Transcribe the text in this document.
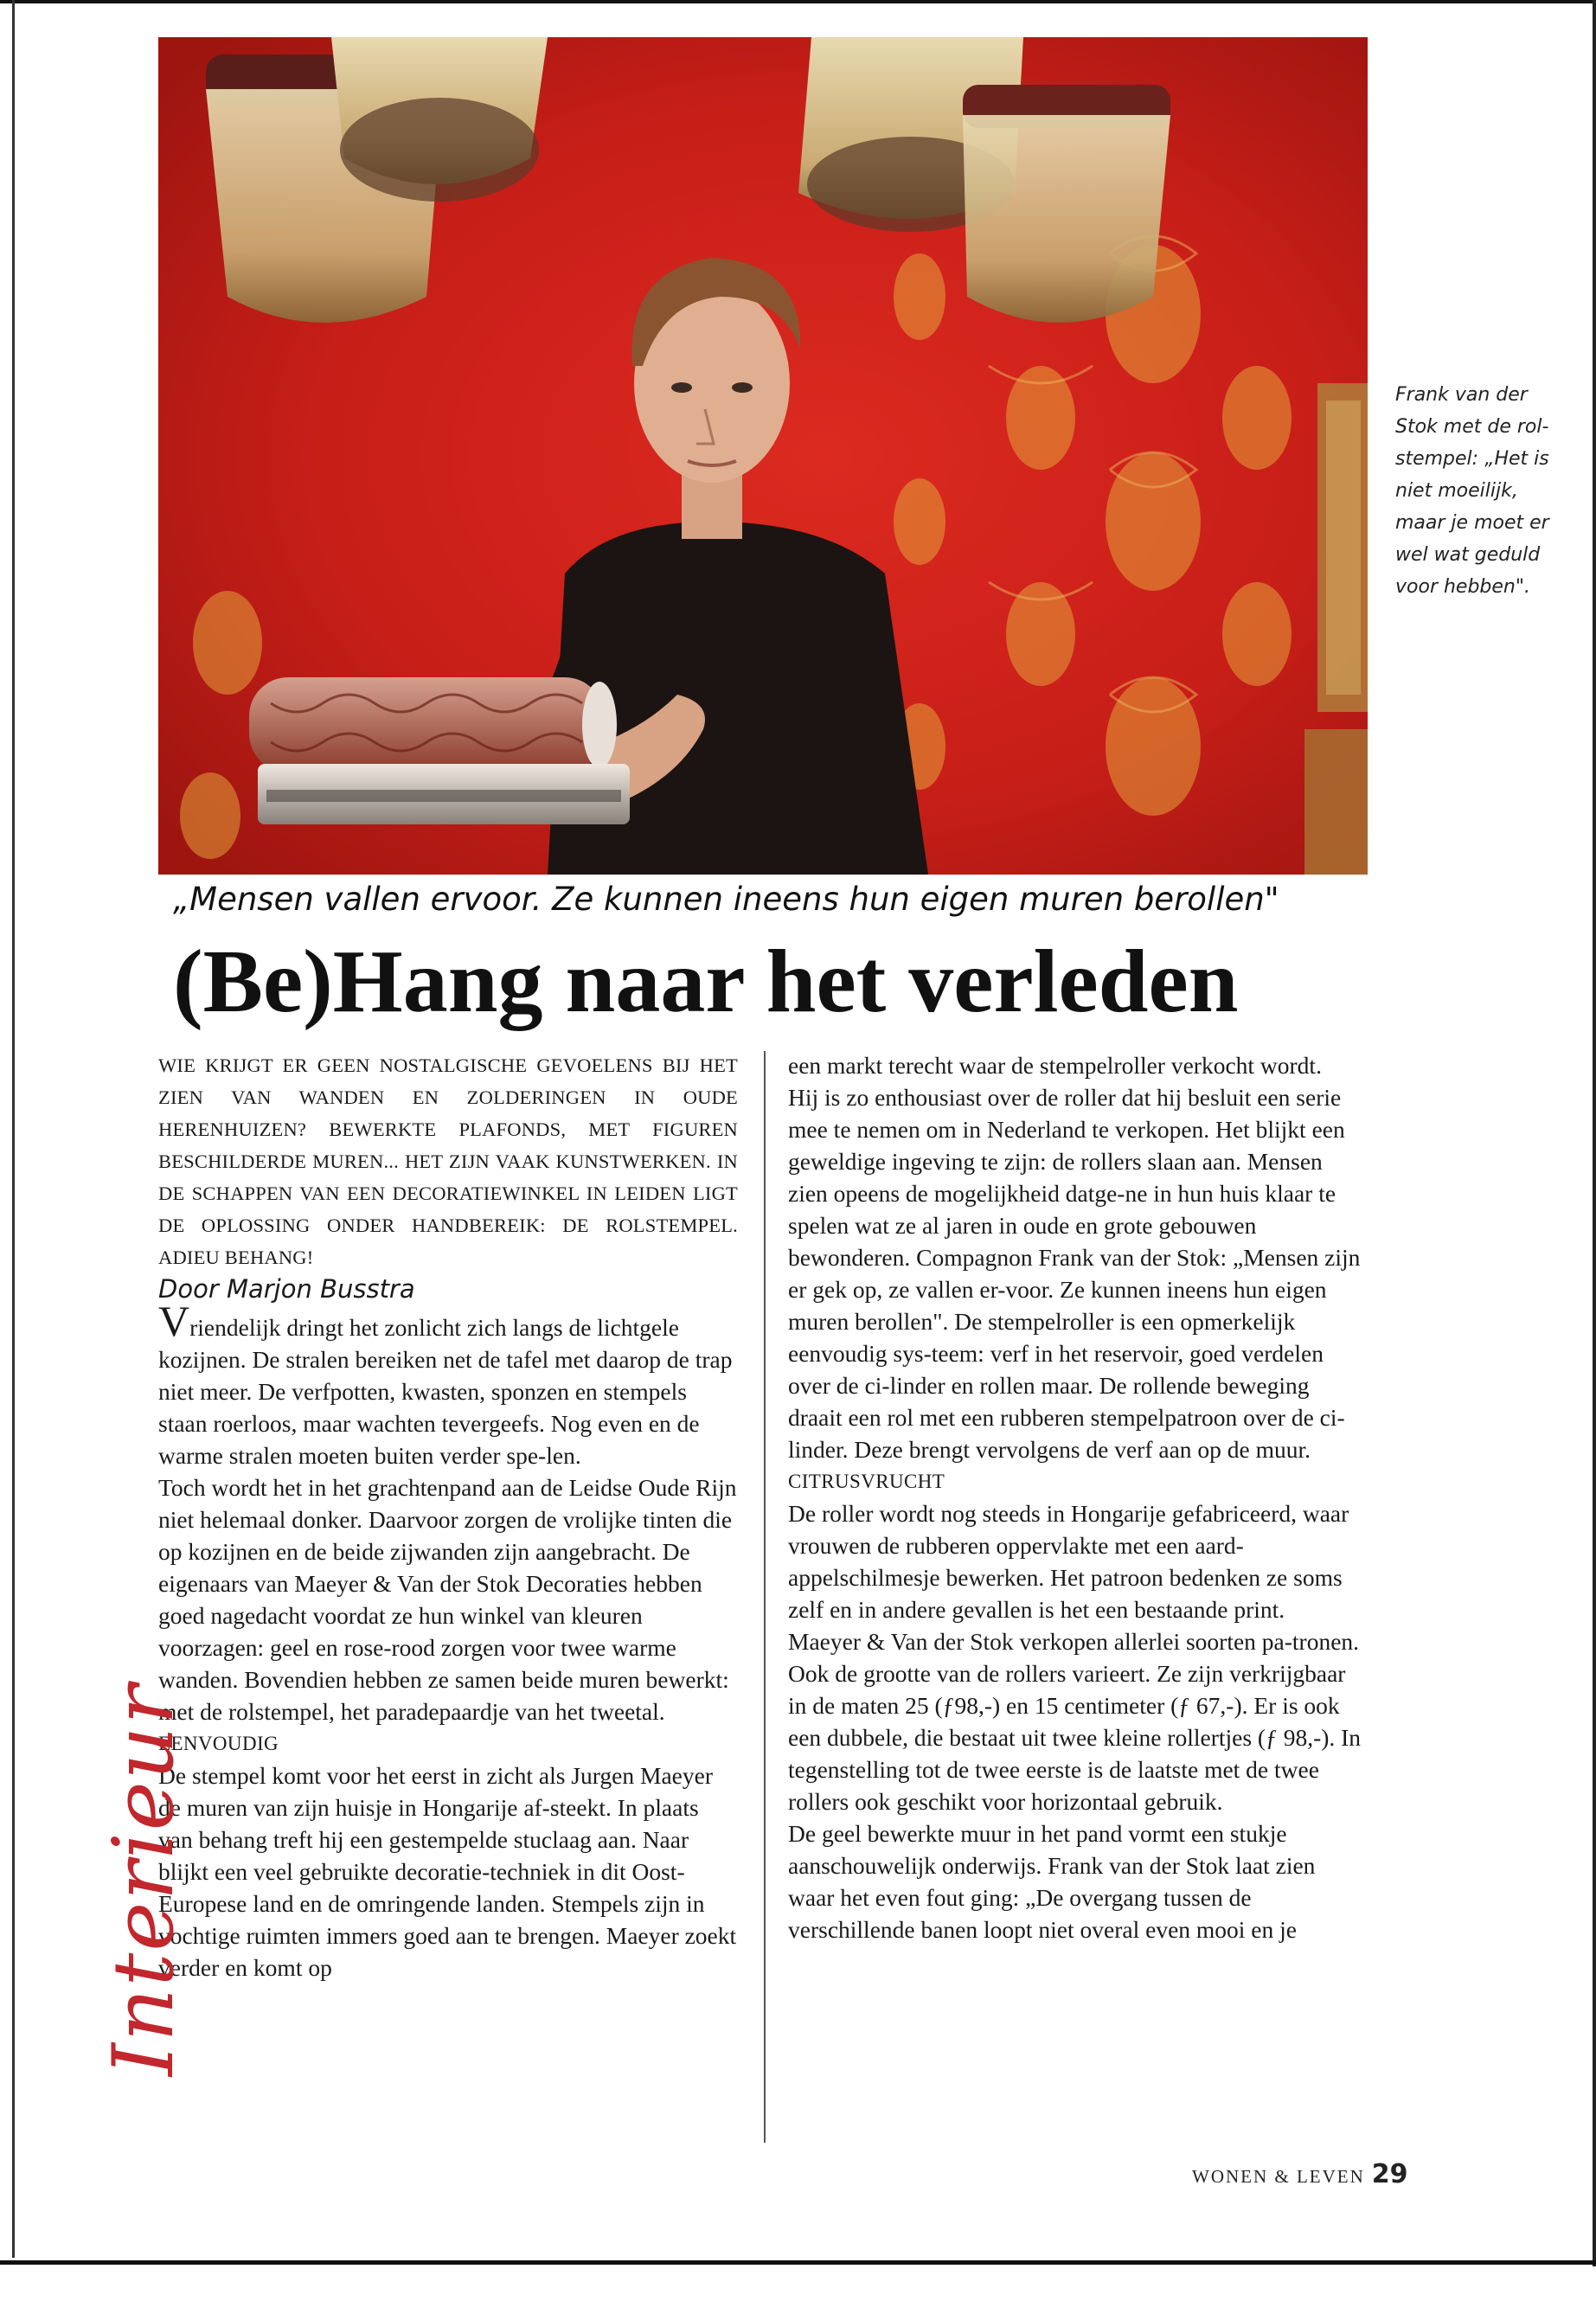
Frank van der Stok met de rol-stempel: „Het is niet moeilijk, maar je moet er wel wat geduld voor hebben".
„Mensen vallen ervoor. Ze kunnen ineens hun eigen muren berollen"
(Be)Hang naar het verleden

WIE KRIJGT ER GEEN NOSTALGISCHE GEVOELENS BIJ HET ZIEN VAN WANDEN EN ZOLDERINGEN IN OUDE HERENHUIZEN? BEWERKTE PLAFONDS, MET FIGUREN BESCHILDERDE MUREN... HET ZIJN VAAK KUNSTWERKEN. IN DE SCHAPPEN VAN EEN DECORATIEWINKEL IN LEIDEN LIGT DE OPLOSSING ONDER HANDBEREIK: DE ROLSTEMPEL. ADIEU BEHANG!

Door Marjon Busstra

Vriendelijk dringt het zonlicht zich langs de lichtgele kozijnen. De stralen bereiken net de tafel met daarop de trap niet meer. De verfpotten, kwasten, sponzen en stempels staan roerloos, maar wachten tevergeefs. Nog even en de warme stralen moeten buiten verder spe-len.

Toch wordt het in het grachtenpand aan de Leidse Oude Rijn niet helemaal donker. Daarvoor zorgen de vrolijke tinten die op kozijnen en de beide zijwanden zijn aangebracht. De eigenaars van Maeyer & Van der Stok Decoraties hebben goed nagedacht voordat ze hun winkel van kleuren voorzagen: geel en rose-rood zorgen voor twee warme wanden. Bovendien hebben ze samen beide muren bewerkt: met de rolstempel, het paradepaardje van het tweetal.

EENVOUDIG

De stempel komt voor het eerst in zicht als Jurgen Maeyer de muren van zijn huisje in Hongarije af-steekt. In plaats van behang treft hij een gestempelde stuclaag aan. Naar blijkt een veel gebruikte decoratie-techniek in dit Oost-Europese land en de omringende landen. Stempels zijn in vochtige ruimten immers goed aan te brengen. Maeyer zoekt verder en komt op

een markt terecht waar de stempelroller verkocht wordt.

Hij is zo enthousiast over de roller dat hij besluit een serie mee te nemen om in Nederland te verkopen. Het blijkt een geweldige ingeving te zijn: de rollers slaan aan. Mensen zien opeens de mogelijkheid datge-ne in hun huis klaar te spelen wat ze al jaren in oude en grote gebouwen bewonderen. Compagnon Frank van der Stok: „Mensen zijn er gek op, ze vallen er-voor. Ze kunnen ineens hun eigen muren berollen". De stempelroller is een opmerkelijk eenvoudig sys-teem: verf in het reservoir, goed verdelen over de ci-linder en rollen maar. De rollende beweging draait een rol met een rubberen stempelpatroon over de ci-linder. Deze brengt vervolgens de verf aan op de muur.

CITRUSVRUCHT

De roller wordt nog steeds in Hongarije gefabriceerd, waar vrouwen de rubberen oppervlakte met een aard-appelschilmesje bewerken. Het patroon bedenken ze soms zelf en in andere gevallen is het een bestaande print.

Maeyer & Van der Stok verkopen allerlei soorten pa-tronen. Ook de grootte van de rollers varieert. Ze zijn verkrijgbaar in de maten 25 (ƒ98,-) en 15 centimeter (ƒ 67,-). Er is ook een dubbele, die bestaat uit twee kleine rollertjes (ƒ 98,-). In tegenstelling tot de twee eerste is de laatste met de twee rollers ook geschikt voor horizontaal gebruik.

De geel bewerkte muur in het pand vormt een stukje aanschouwelijk onderwijs. Frank van der Stok laat zien waar het even fout ging: „De overgang tussen de verschillende banen loopt niet overal even mooi en je

Interieur
WONEN & LEVEN 29
